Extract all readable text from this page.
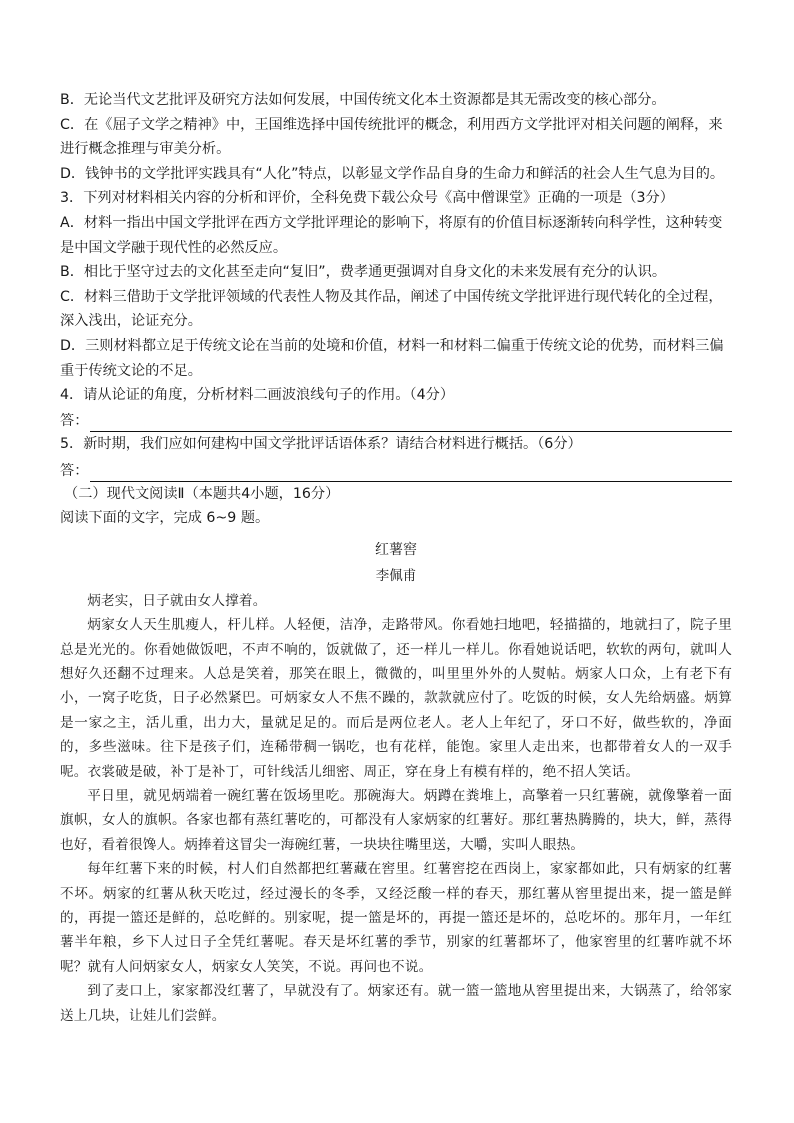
B．无论当代文艺批评及研究方法如何发展，中国传统文化本土资源都是其无需改变的核心部分。
C．在《屈子文学之精神》中，王国维选择中国传统批评的概念，利用西方文学批评对相关问题的阐释，来进行概念推理与审美分析。
D．钱钟书的文学批评实践具有“人化”特点，以彰显文学作品自身的生命力和鲜活的社会人生气息为目的。
3．下列对材料相关内容的分析和评价，全科免费下载公众号《高中僧课堂》正确的一项是（3分）
A．材料一指出中国文学批评在西方文学批评理论的影响下，将原有的价值目标逐渐转向科学性，这种转变是中国文学融于现代性的必然反应。
B．相比于坚守过去的文化甚至走向“复旧”，费孝通更强调对自身文化的未来发展有充分的认识。
C．材料三借助于文学批评领域的代表性人物及其作品，阐述了中国传统文学批评进行现代转化的全过程，深入浅出，论证充分。
D．三则材料都立足于传统文论在当前的处境和价值，材料一和材料二偏重于传统文论的优势，而材料三偏重于传统文论的不足。
4．请从论证的角度，分析材料二画波浪线句子的作用。（4分）
答：
5．新时期，我们应如何建构中国文学批评话语体系？请结合材料进行概括。（6分）
答：
（二）现代文阅读Ⅱ（本题共4小题，16分）
阅读下面的文字，完成 6~9 题。
红薯窖
李佩甫

炳老实，日子就由女人撑着。

炳家女人天生肌瘦人，杆儿样。人轻便，洁净，走路带风。你看她扫地吧，轻描描的，地就扫了，院子里总是光光的。你看她做饭吧，不声不响的，饭就做了，还一样儿一样儿。你看她说话吧，软软的两句，就叫人想好久还翻不过理来。人总是笑着，那笑在眼上，微微的，叫里里外外的人熨帖。炳家人口众，上有老下有小，一窝子吃货，日子必然紧巴。可炳家女人不焦不躁的，款款就应付了。吃饭的时候，女人先给炳盛。炳算是一家之主，活儿重，出力大，量就足足的。而后是两位老人。老人上年纪了，牙口不好，做些软的，净面的，多些滋味。往下是孩子们，连稀带稠一锅吃，也有花样，能饱。家里人走出来，也都带着女人的一双手呢。衣裳破是破，补丁是补丁，可针线活儿细密、周正，穿在身上有模有样的，绝不招人笑话。

平日里，就见炳端着一碗红薯在饭场里吃。那碗海大。炳蹲在粪堆上，高擎着一只红薯碗，就像擎着一面旗帜，女人的旗帜。各家也都有蒸红薯吃的，可都没有人家炳家的红薯好。那红薯热腾腾的，块大，鲜，蒸得也好，看着很馋人。炳捧着这冒尖一海碗红薯，一块块往嘴里送，大嚼，实叫人眼热。

每年红薯下来的时候，村人们自然都把红薯藏在窖里。红薯窖挖在西岗上，家家都如此，只有炳家的红薯不坏。炳家的红薯从秋天吃过，经过漫长的冬季，又经泛酸一样的春天，那红薯从窖里提出来，提一篮是鲜的，再提一篮还是鲜的，总吃鲜的。别家呢，提一篮是坏的，再提一篮还是坏的，总吃坏的。那年月，一年红薯半年粮，乡下人过日子全凭红薯呢。春天是坏红薯的季节，别家的红薯都坏了，他家窖里的红薯咋就不坏呢？就有人问炳家女人，炳家女人笑笑，不说。再问也不说。

到了麦口上，家家都没红薯了，早就没有了。炳家还有。就一篮一篮地从窖里提出来，大锅蒸了，给邻家送上几块，让娃儿们尝鲜。
